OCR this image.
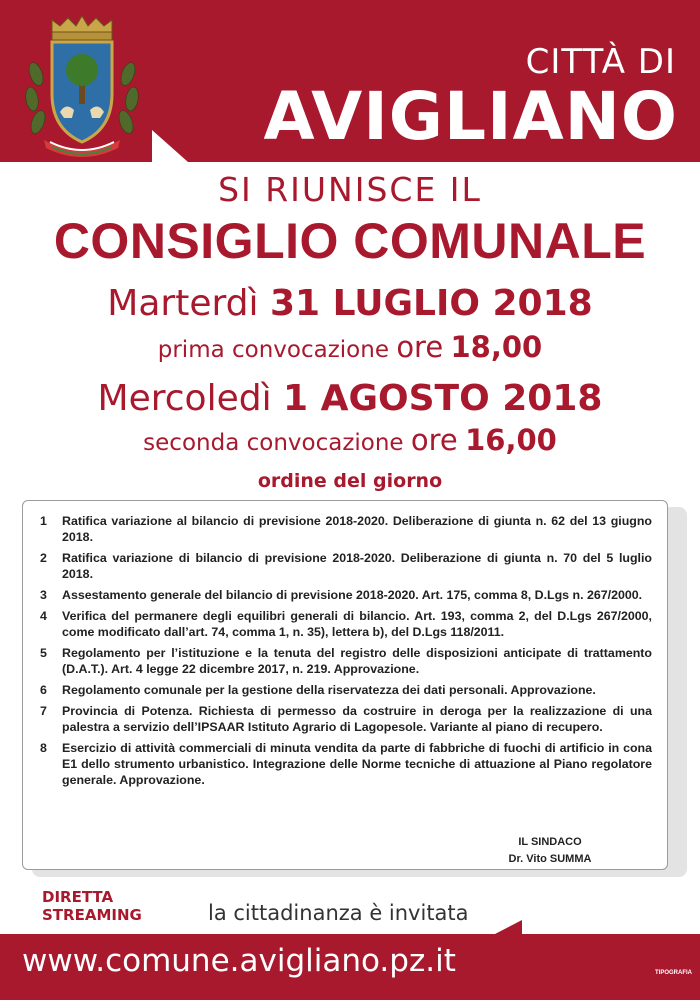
CITTÀ DI
AVIGLIANO
SI RIUNISCE IL
CONSIGLIO COMUNALE
Marterdì 31 LUGLIO 2018
prima convocazione ore 18,00
Mercoledì 1 AGOSTO 2018
seconda convocazione ore 16,00
ordine del giorno
1	Ratifica variazione al bilancio di previsione 2018-2020. Deliberazione di giunta n. 62 del 13 giugno 2018.
2	Ratifica variazione di bilancio di previsione 2018-2020. Deliberazione di giunta n. 70 del 5 luglio 2018.
3	Assestamento generale del bilancio di previsione 2018-2020. Art. 175, comma 8, D.Lgs n. 267/2000.
4	Verifica del permanere degli equilibri generali di bilancio. Art. 193, comma 2, del D.Lgs 267/2000, come modificato dall’art. 74, comma 1, n. 35), lettera b), del D.Lgs 118/2011.
5	Regolamento per l’istituzione e la tenuta del registro delle disposizioni anticipate di trattamento (D.A.T.). Art. 4 legge 22 dicembre 2017, n. 219. Approvazione.
6	Regolamento comunale per la gestione della riservatezza dei dati personali. Approvazione.
7	Provincia di Potenza. Richiesta di permesso da costruire in deroga per la realizzazione di una palestra a servizio dell’IPSAAR Istituto Agrario di Lagopesole. Variante al piano di recupero.
8	Esercizio di attività commerciali di minuta vendita da parte di fabbriche di fuochi di artificio in cona E1 dello strumento urbanistico. Integrazione delle Norme tecniche di attuazione al Piano regolatore generale. Approvazione.
IL SINDACO
Dr. Vito SUMMA
DIRETTA
STREAMING	la cittadinanza è invitata
www.comune.avigliano.pz.it	TIPOGRAFIA
